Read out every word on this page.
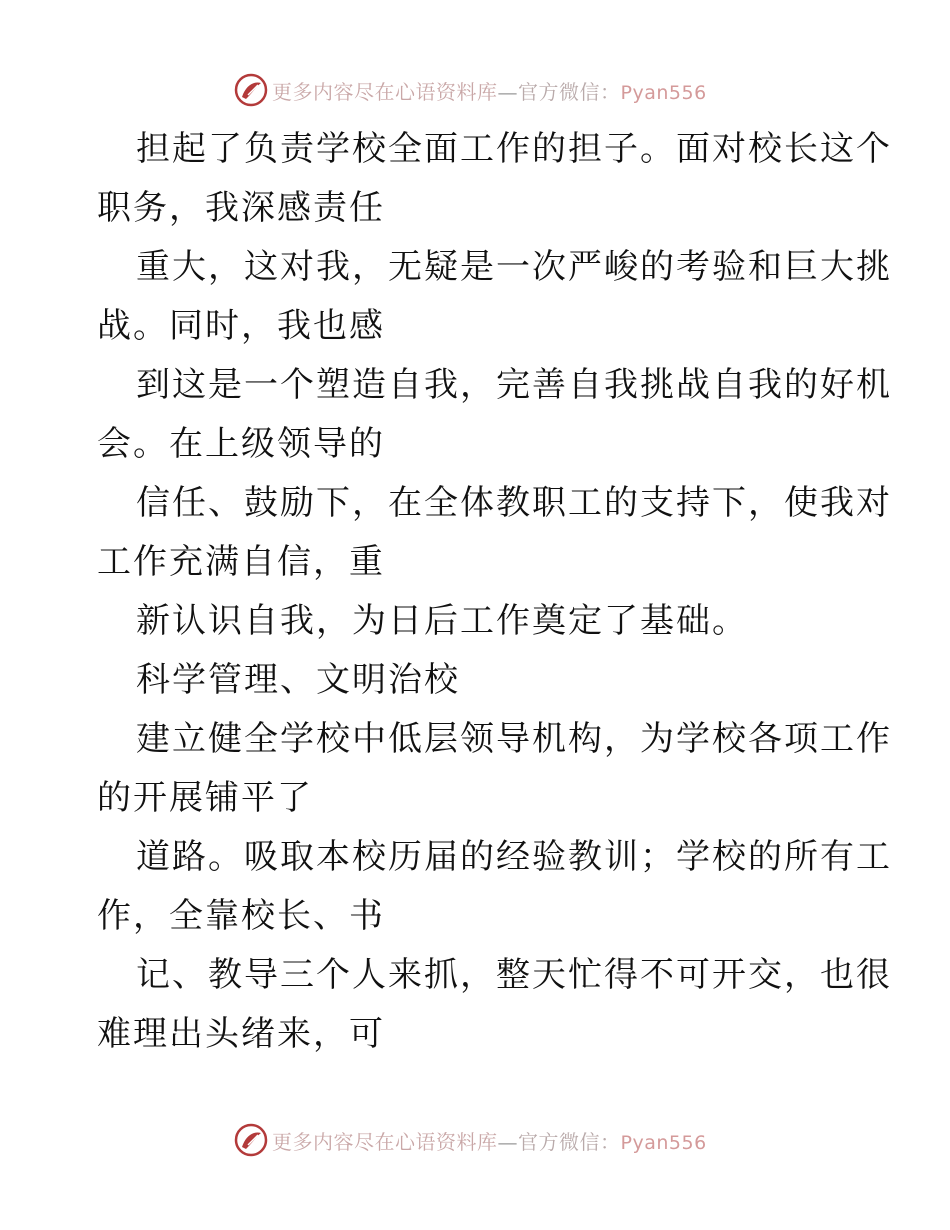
更多内容尽在心语资料库—官方微信：Pyan556
担起了负责学校全面工作的担子。面对校长这个
职务，我深感责任
重大，这对我，无疑是一次严峻的考验和巨大挑
战。同时，我也感
到这是一个塑造自我，完善自我挑战自我的好机
会。在上级领导的
信任、鼓励下，在全体教职工的支持下，使我对
工作充满自信，重
新认识自我，为日后工作奠定了基础。
科学管理、文明治校
建立健全学校中低层领导机构，为学校各项工作
的开展铺平了
道路。吸取本校历届的经验教训；学校的所有工
作，全靠校长、书
记、教导三个人来抓，整天忙得不可开交，也很
难理出头绪来，可
更多内容尽在心语资料库—官方微信：Pyan556
